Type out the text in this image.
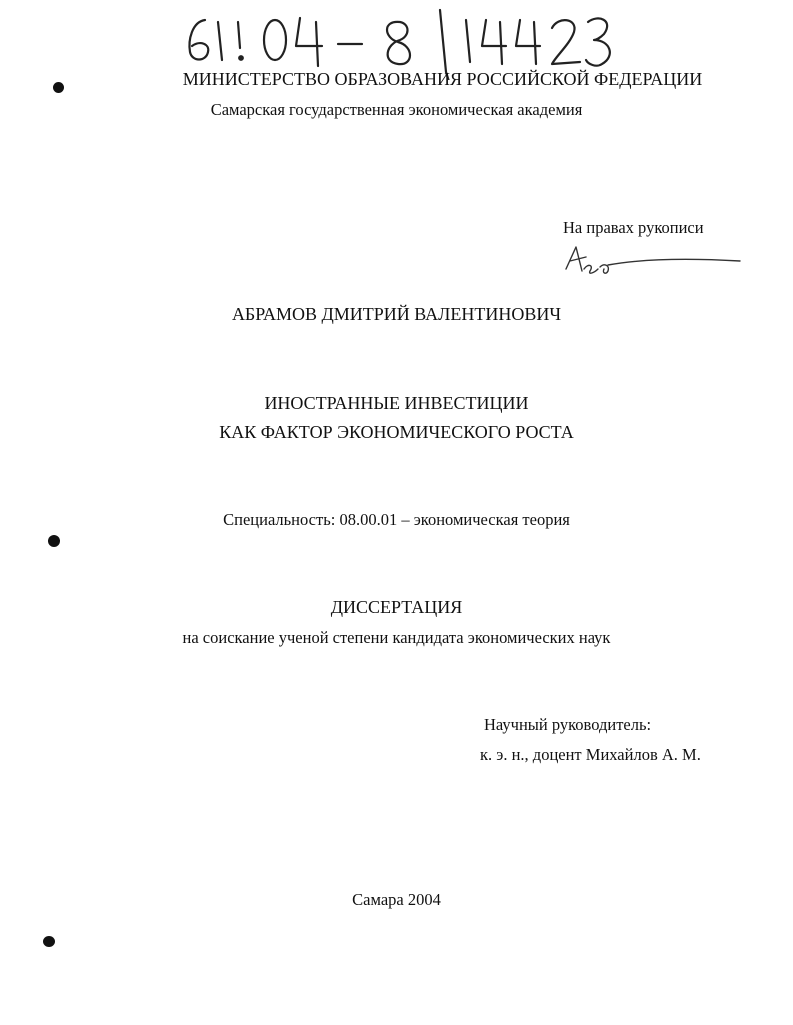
МИНИСТЕРСТВО ОБРАЗОВАНИЯ РОССИЙСКОЙ ФЕДЕРАЦИИ
Самарская государственная экономическая академия
На правах рукописи
АБРАМОВ ДМИТРИЙ ВАЛЕНТИНОВИЧ
ИНОСТРАННЫЕ ИНВЕСТИЦИИ
КАК ФАКТОР ЭКОНОМИЧЕСКОГО РОСТА
Специальность: 08.00.01 – экономическая теория
ДИССЕРТАЦИЯ
на соискание ученой степени кандидата экономических наук
Научный руководитель:
к. э. н., доцент Михайлов А. М.
Самара 2004
